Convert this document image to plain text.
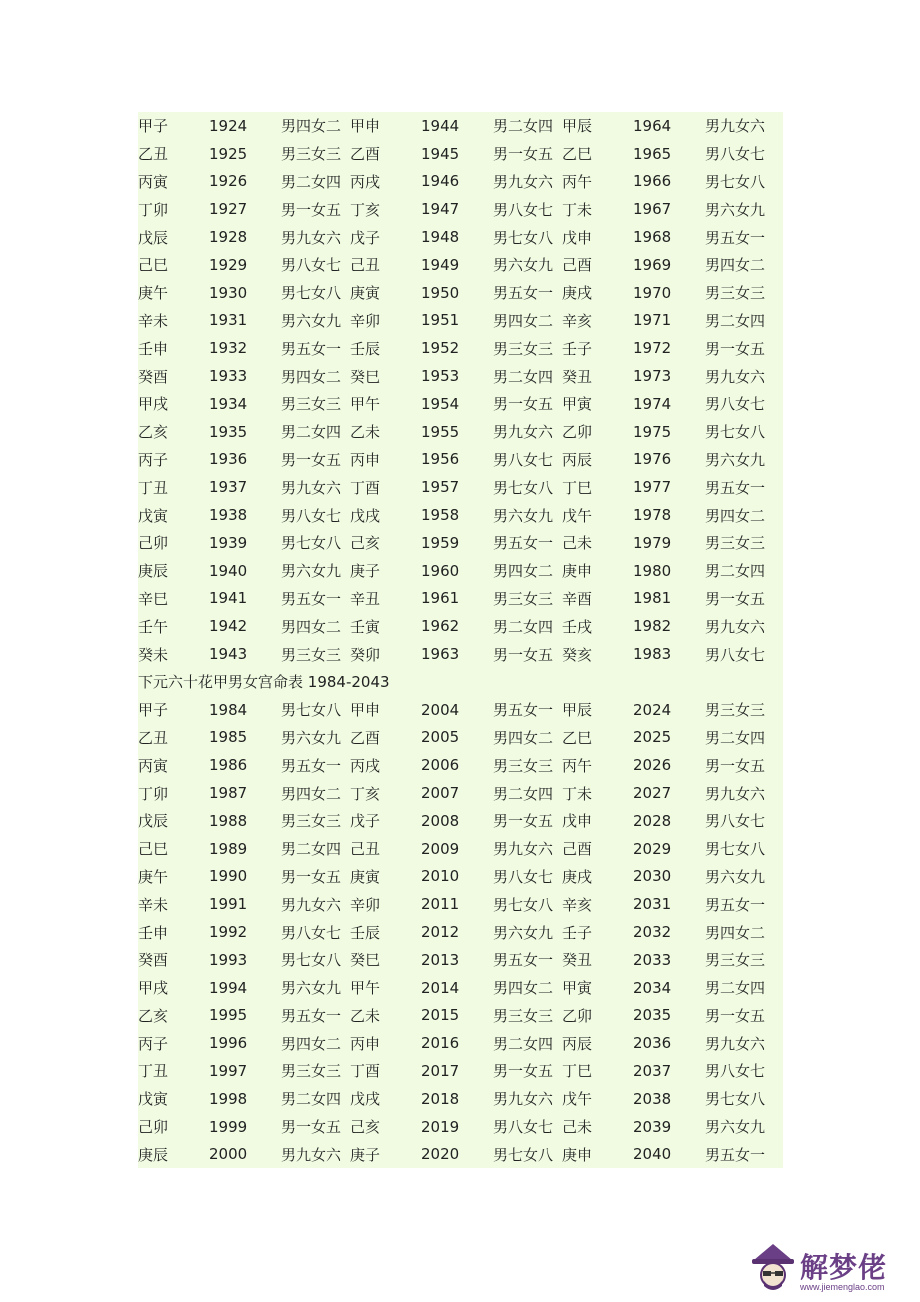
甲子	1924	男四女二 甲申	1944	男二女四 甲辰	1964	男九女六
乙丑	1925	男三女三 乙酉	1945	男一女五 乙巳	1965	男八女七
丙寅	1926	男二女四 丙戌	1946	男九女六 丙午	1966	男七女八
丁卯	1927	男一女五 丁亥	1947	男八女七 丁未	1967	男六女九
戊辰	1928	男九女六 戊子	1948	男七女八 戊申	1968	男五女一
己巳	1929	男八女七 己丑	1949	男六女九 己酉	1969	男四女二
庚午	1930	男七女八 庚寅	1950	男五女一 庚戌	1970	男三女三
辛未	1931	男六女九 辛卯	1951	男四女二 辛亥	1971	男二女四
壬申	1932	男五女一 壬辰	1952	男三女三 壬子	1972	男一女五
癸酉	1933	男四女二 癸巳	1953	男二女四 癸丑	1973	男九女六
甲戌	1934	男三女三 甲午	1954	男一女五 甲寅	1974	男八女七
乙亥	1935	男二女四 乙未	1955	男九女六 乙卯	1975	男七女八
丙子	1936	男一女五 丙申	1956	男八女七 丙辰	1976	男六女九
丁丑	1937	男九女六 丁酉	1957	男七女八 丁巳	1977	男五女一
戊寅	1938	男八女七 戊戌	1958	男六女九 戊午	1978	男四女二
己卯	1939	男七女八 己亥	1959	男五女一 己未	1979	男三女三
庚辰	1940	男六女九 庚子	1960	男四女二 庚申	1980	男二女四
辛巳	1941	男五女一 辛丑	1961	男三女三 辛酉	1981	男一女五
壬午	1942	男四女二 壬寅	1962	男二女四 壬戌	1982	男九女六
癸未	1943	男三女三 癸卯	1963	男一女五 癸亥	1983	男八女七
下元六十花甲男女宫命表 1984-2043
甲子	1984	男七女八 甲申	2004	男五女一 甲辰	2024	男三女三
乙丑	1985	男六女九 乙酉	2005	男四女二 乙巳	2025	男二女四
丙寅	1986	男五女一 丙戌	2006	男三女三 丙午	2026	男一女五
丁卯	1987	男四女二 丁亥	2007	男二女四 丁未	2027	男九女六
戊辰	1988	男三女三 戊子	2008	男一女五 戊申	2028	男八女七
己巳	1989	男二女四 己丑	2009	男九女六 己酉	2029	男七女八
庚午	1990	男一女五 庚寅	2010	男八女七 庚戌	2030	男六女九
辛未	1991	男九女六 辛卯	2011	男七女八 辛亥	2031	男五女一
壬申	1992	男八女七 壬辰	2012	男六女九 壬子	2032	男四女二
癸酉	1993	男七女八 癸巳	2013	男五女一 癸丑	2033	男三女三
甲戌	1994	男六女九 甲午	2014	男四女二 甲寅	2034	男二女四
乙亥	1995	男五女一 乙未	2015	男三女三 乙卯	2035	男一女五
丙子	1996	男四女二 丙申	2016	男二女四 丙辰	2036	男九女六
丁丑	1997	男三女三 丁酉	2017	男一女五 丁巳	2037	男八女七
戊寅	1998	男二女四 戊戌	2018	男九女六 戊午	2038	男七女八
己卯	1999	男一女五 己亥	2019	男八女七 己未	2039	男六女九
庚辰	2000	男九女六 庚子	2020	男七女八 庚申	2040	男五女一
解梦佬
www.jiemenglao.com
